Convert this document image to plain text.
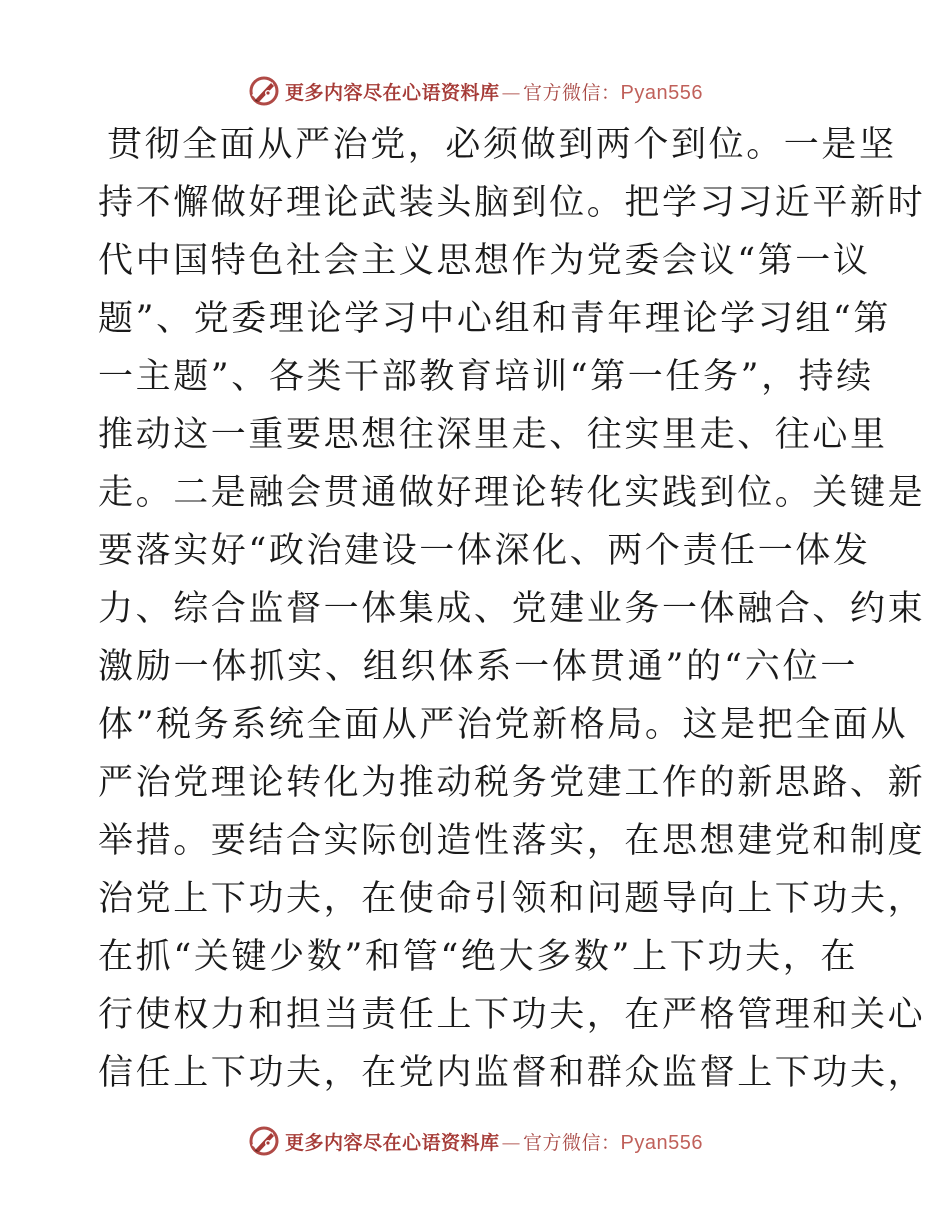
更多内容尽在心语资料库 — 官方微信：Pyan556
贯彻全面从严治党，必须做到两个到位。一是坚
持不懈做好理论武装头脑到位。把学习习近平新时
代中国特色社会主义思想作为党委会议“第一议
题”、党委理论学习中心组和青年理论学习组“第
一主题”、各类干部教育培训“第一任务”，持续
推动这一重要思想往深里走、往实里走、往心里
走。二是融会贯通做好理论转化实践到位。关键是
要落实好“政治建设一体深化、两个责任一体发
力、综合监督一体集成、党建业务一体融合、约束
激励一体抓实、组织体系一体贯通”的“六位一
体”税务系统全面从严治党新格局。这是把全面从
严治党理论转化为推动税务党建工作的新思路、新
举措。要结合实际创造性落实，在思想建党和制度
治党上下功夫，在使命引领和问题导向上下功夫，
在抓“关键少数”和管“绝大多数”上下功夫，在
行使权力和担当责任上下功夫，在严格管理和关心
信任上下功夫，在党内监督和群众监督上下功夫，
更多内容尽在心语资料库 — 官方微信：Pyan556
